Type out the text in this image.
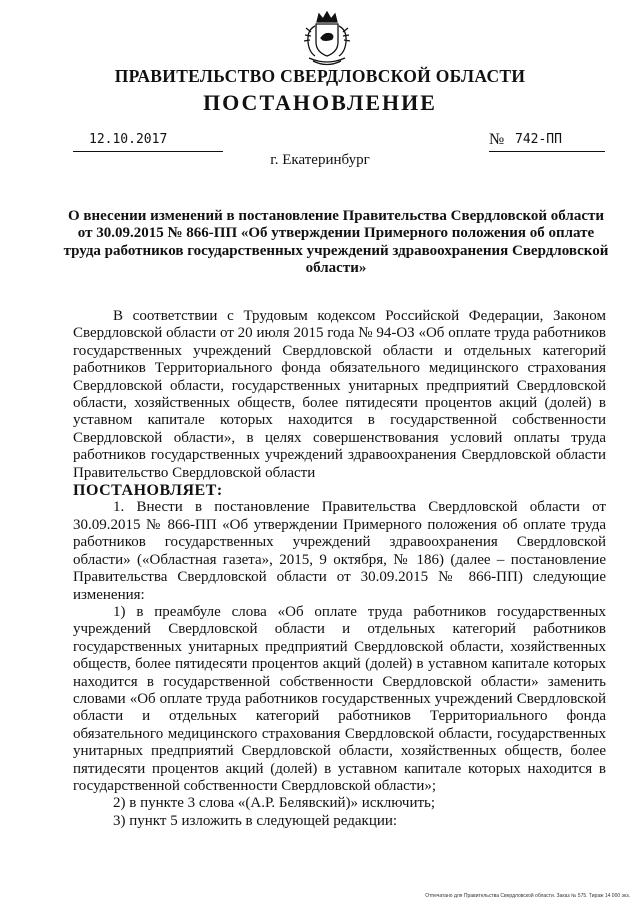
ПРАВИТЕЛЬСТВО СВЕРДЛОВСКОЙ ОБЛАСТИ
ПОСТАНОВЛЕНИЕ
12.10.2017	№ 742-ПП
г. Екатеринбург
О внесении изменений в постановление Правительства Свердловской области от 30.09.2015 № 866-ПП «Об утверждении Примерного положения об оплате труда работников государственных учреждений здравоохранения Свердловской области»

В соответствии с Трудовым кодексом Российской Федерации, Законом Свердловской области от 20 июля 2015 года № 94-ОЗ «Об оплате труда работников государственных учреждений Свердловской области и отдельных категорий работников Территориального фонда обязательного медицинского страхования Свердловской области, государственных унитарных предприятий Свердловской области, хозяйственных обществ, более пятидесяти процентов акций (долей) в уставном капитале которых находится в государственной собственности Свердловской области», в целях совершенствования условий оплаты труда работников государственных учреждений здравоохранения Свердловской области Правительство Свердловской области

ПОСТАНОВЛЯЕТ:

1. Внести в постановление Правительства Свердловской области от 30.09.2015 № 866-ПП «Об утверждении Примерного положения об оплате труда работников государственных учреждений здравоохранения Свердловской области» («Областная газета», 2015, 9 октября, № 186) (далее – постановление Правительства Свердловской области от 30.09.2015 № 866-ПП) следующие изменения:

1) в преамбуле слова «Об оплате труда работников государственных учреждений Свердловской области и отдельных категорий работников государственных унитарных предприятий Свердловской области, хозяйственных обществ, более пятидесяти процентов акций (долей) в уставном капитале которых находится в государственной собственности Свердловской области» заменить словами «Об оплате труда работников государственных учреждений Свердловской области и отдельных категорий работников Территориального фонда обязательного медицинского страхования Свердловской области, государственных унитарных предприятий Свердловской области, хозяйственных обществ, более пятидесяти процентов акций (долей) в уставном капитале которых находится в государственной собственности Свердловской области»;

2) в пункте 3 слова «(А.Р. Белявский)» исключить;

3) пункт 5 изложить в следующей редакции:

Отпечатано для Правительства Свердловской области. Заказ № 575. Тираж 14 000 экз.
